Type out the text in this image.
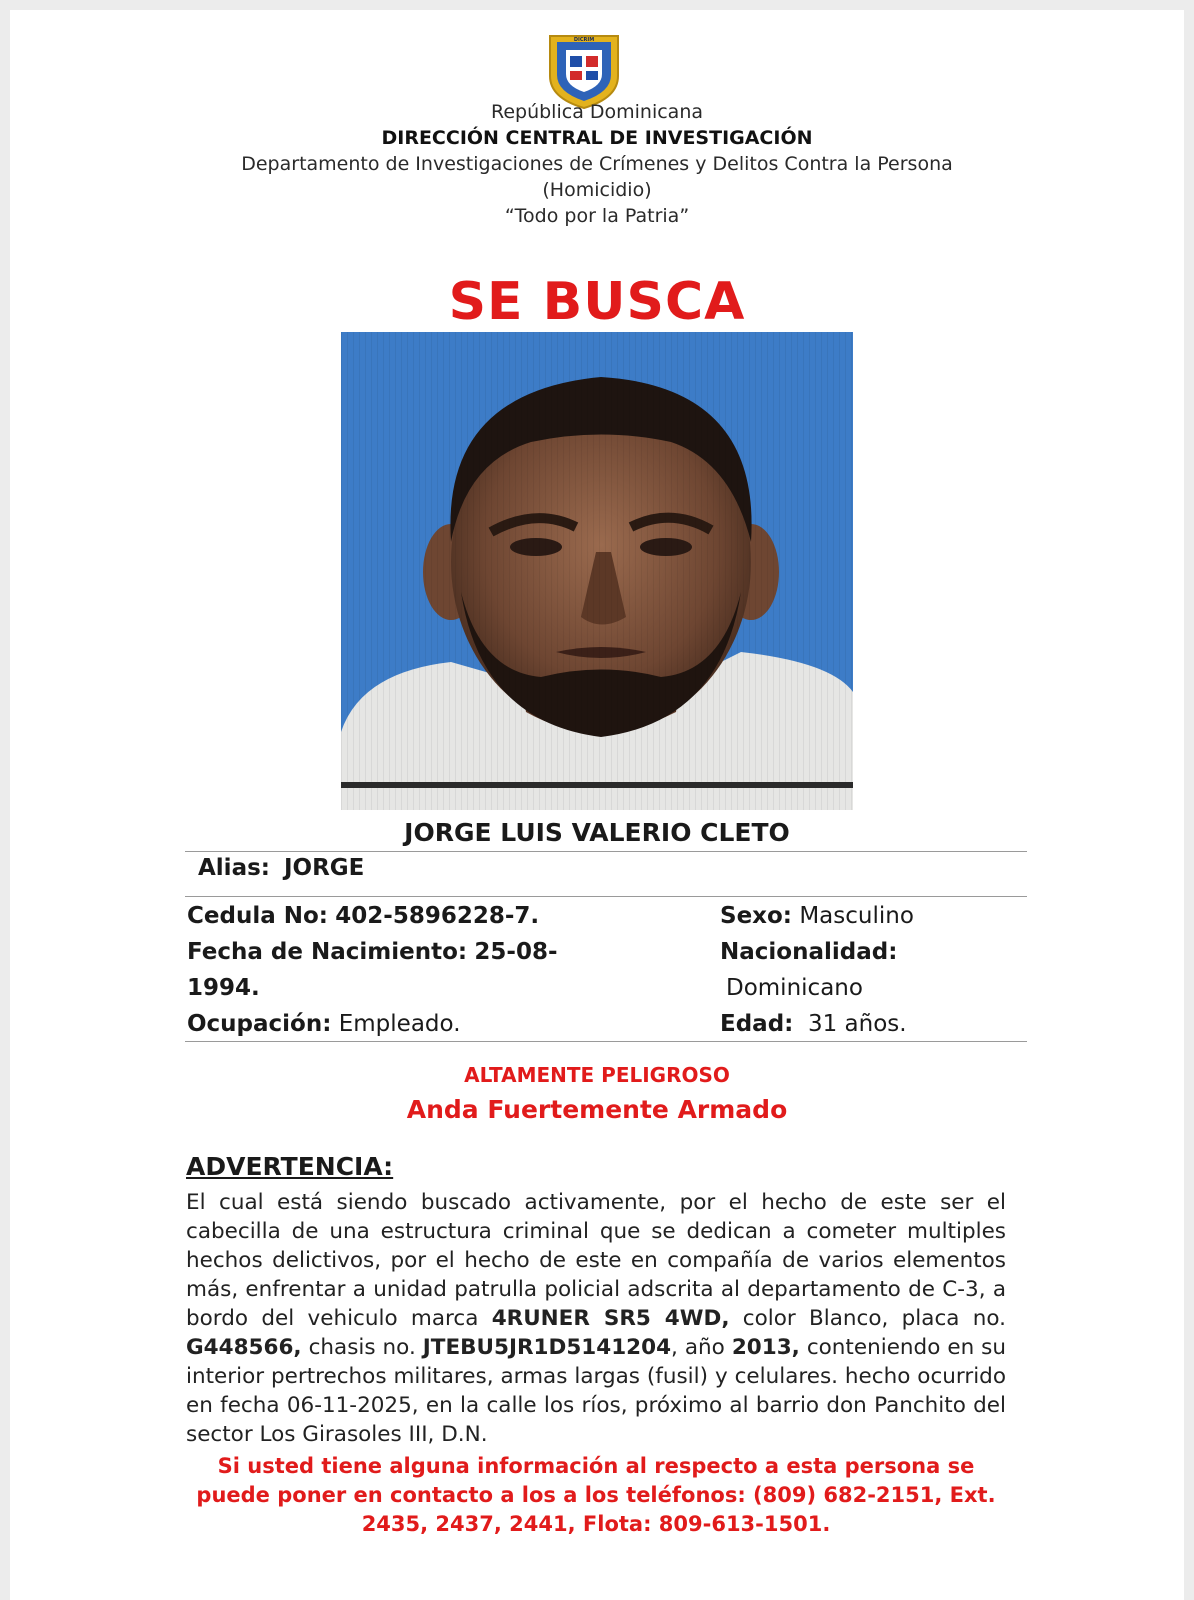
DICRIM
República Dominicana
DIRECCIÓN CENTRAL DE INVESTIGACIÓN
Departamento de Investigaciones de Crímenes y Delitos Contra la Persona
(Homicidio)
“Todo por la Patria”
SE BUSCA
JORGE LUIS VALERIO CLETO
Alias: JORGE
Cedula No: 402-5896228-7.
Fecha de Nacimiento: 25-08-
1994.
Ocupación: Empleado.
Sexo: Masculino
Nacionalidad:
Dominicano
Edad: 31 años.
ALTAMENTE PELIGROSO
Anda Fuertemente Armado
ADVERTENCIA:
El cual está siendo buscado activamente, por el hecho de este ser el cabecilla de una estructura criminal que se dedican a cometer multiples hechos delictivos, por el hecho de este en compañía de varios elementos más, enfrentar a unidad patrulla policial adscrita al departamento de C-3, a bordo del vehiculo marca 4RUNER SR5 4WD, color Blanco, placa no. G448566, chasis no. JTEBU5JR1D5141204, año 2013, conteniendo en su interior pertrechos militares, armas largas (fusil) y celulares. hecho ocurrido en fecha 06-11-2025, en la calle los ríos, próximo al barrio don Panchito del sector Los Girasoles III, D.N.
Si usted tiene alguna información al respecto a esta persona se puede poner en contacto a los a los teléfonos: (809) 682-2151, Ext. 2435, 2437, 2441, Flota: 809-613-1501.
